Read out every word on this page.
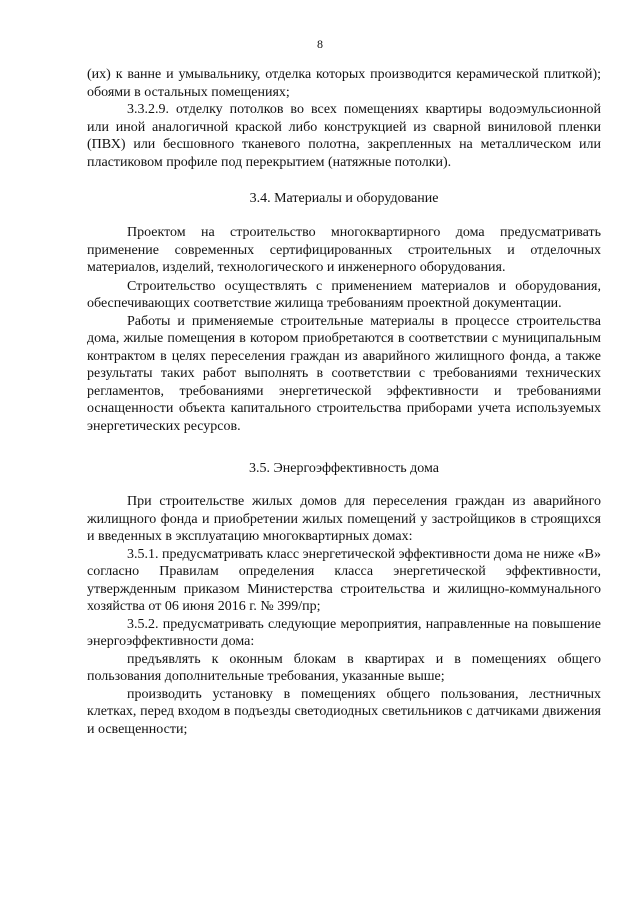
8

(их) к ванне и умывальнику, отделка которых производится керамической плиткой); обоями в остальных помещениях;

3.3.2.9. отделку потолков во всех помещениях квартиры водоэмульсионной или иной аналогичной краской либо конструкцией из сварной виниловой пленки (ПВХ) или бесшовного тканевого полотна, закрепленных на металлическом или пластиковом профиле под перекрытием (натяжные потолки).

3.4. Материалы и оборудование

Проектом на строительство многоквартирного дома предусматривать применение современных сертифицированных строительных и отделочных материалов, изделий, технологического и инженерного оборудования.

Строительство осуществлять с применением материалов и оборудования, обеспечивающих соответствие жилища требованиям проектной документации.

Работы и применяемые строительные материалы в процессе строительства дома, жилые помещения в котором приобретаются в соответствии с муниципальным контрактом в целях переселения граждан из аварийного жилищного фонда, а также результаты таких работ выполнять в соответствии с требованиями технических регламентов, требованиями энергетической эффективности и требованиями оснащенности объекта капитального строительства приборами учета используемых энергетических ресурсов.

3.5. Энергоэффективность дома

При строительстве жилых домов для переселения граждан из аварийного жилищного фонда и приобретении жилых помещений у застройщиков в строящихся и введенных в эксплуатацию многоквартирных домах:

3.5.1. предусматривать класс энергетической эффективности дома не ниже «В» согласно Правилам определения класса энергетической эффективности, утвержденным приказом Министерства строительства и жилищно-коммунального хозяйства от 06 июня 2016 г. № 399/пр;

3.5.2. предусматривать следующие мероприятия, направленные на повышение энергоэффективности дома:

предъявлять к оконным блокам в квартирах и в помещениях общего пользования дополнительные требования, указанные выше;

производить установку в помещениях общего пользования, лестничных клетках, перед входом в подъезды светодиодных светильников с датчиками движения и освещенности;
